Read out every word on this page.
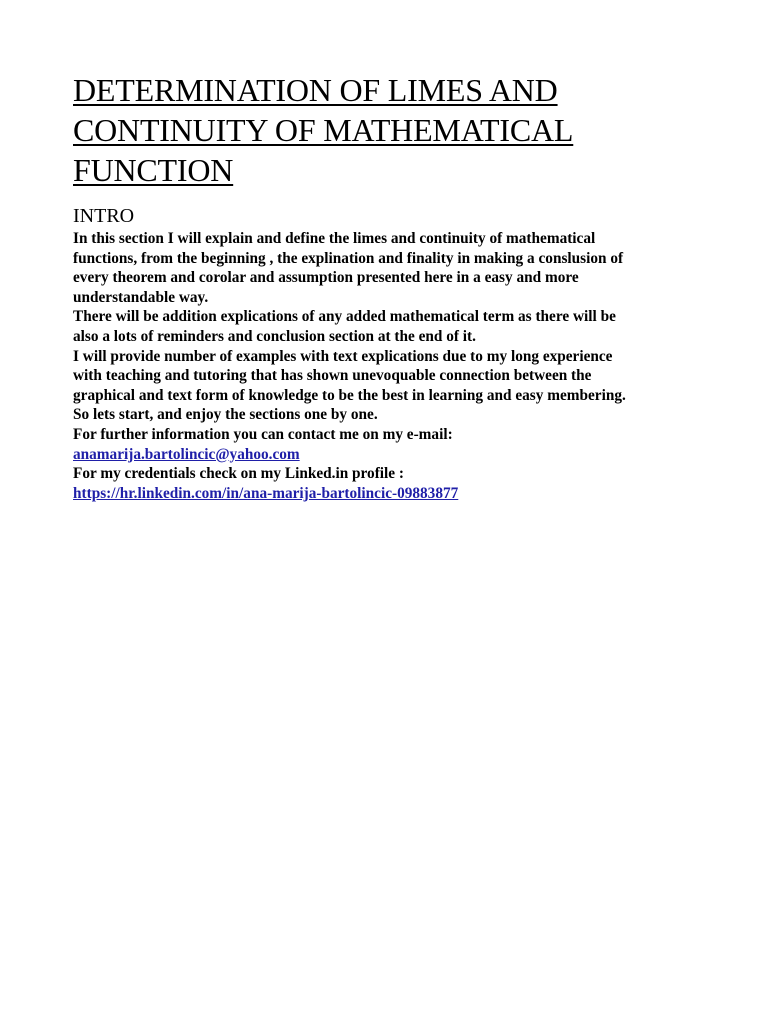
DETERMINATION OF LIMES AND
CONTINUITY OF MATHEMATICAL
FUNCTION
INTRO
In this section I will explain and define the limes and continuity of mathematical
functions, from the beginning , the explination and finality in making a conslusion of
every theorem and corolar and assumption presented here in a easy and more
understandable way.
There will be addition explications of any added mathematical term as there will be
also a lots of reminders and conclusion section at the end of it.
I will provide number of examples with text explications due to my long experience
with teaching and tutoring that has shown unevoquable connection between the
graphical and text form of knowledge to be the best in learning and easy membering.
So lets start, and enjoy the sections one by one.
For further information you can contact me on my e-mail:
anamarija.bartolincic@yahoo.com
For my credentials check on my Linked.in profile :
https://hr.linkedin.com/in/ana-marija-bartolincic-09883877
